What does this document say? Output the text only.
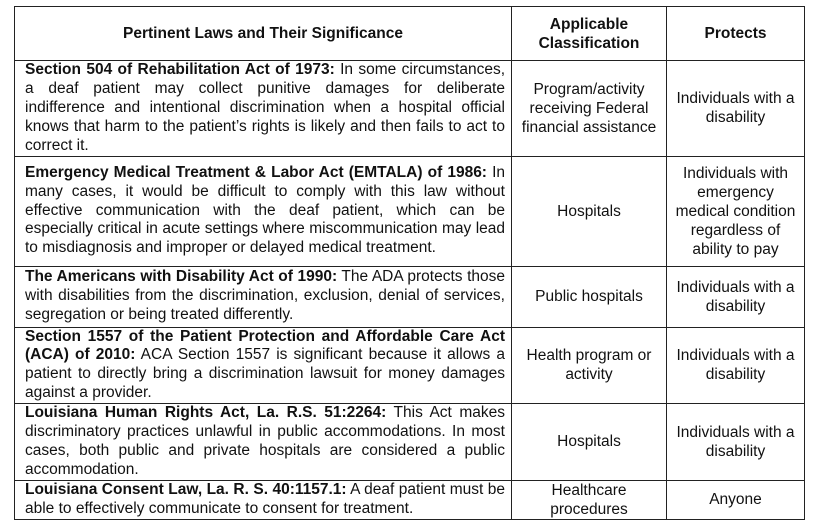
Pertinent Laws and Their Significance	Applicable Classification	Protects
Section 504 of Rehabilitation Act of 1973: In some circumstances, a deaf patient may collect punitive damages for deliberate indifference and intentional discrimination when a hospital official knows that harm to the patient’s rights is likely and then fails to act to correct it.	Program/activity receiving Federal financial assistance	Individuals with a disability
Emergency Medical Treatment & Labor Act (EMTALA) of 1986: In many cases, it would be difficult to comply with this law without effective communication with the deaf patient, which can be especially critical in acute settings where miscommunication may lead to misdiagnosis and improper or delayed medical treatment.	Hospitals	Individuals with emergency medical condition regardless of ability to pay
The Americans with Disability Act of 1990: The ADA protects those with disabilities from the discrimination, exclusion, denial of services, segregation or being treated differently.	Public hospitals	Individuals with a disability
Section 1557 of the Patient Protection and Affordable Care Act (ACA) of 2010: ACA Section 1557 is significant because it allows a patient to directly bring a discrimination lawsuit for money damages against a provider.	Health program or activity	Individuals with a disability
Louisiana Human Rights Act, La. R.S. 51:2264: This Act makes discriminatory practices unlawful in public accommodations. In most cases, both public and private hospitals are considered a public accommodation.	Hospitals	Individuals with a disability
Louisiana Consent Law, La. R. S. 40:1157.1: A deaf patient must be able to effectively communicate to consent for treatment.	Healthcare procedures	Anyone
